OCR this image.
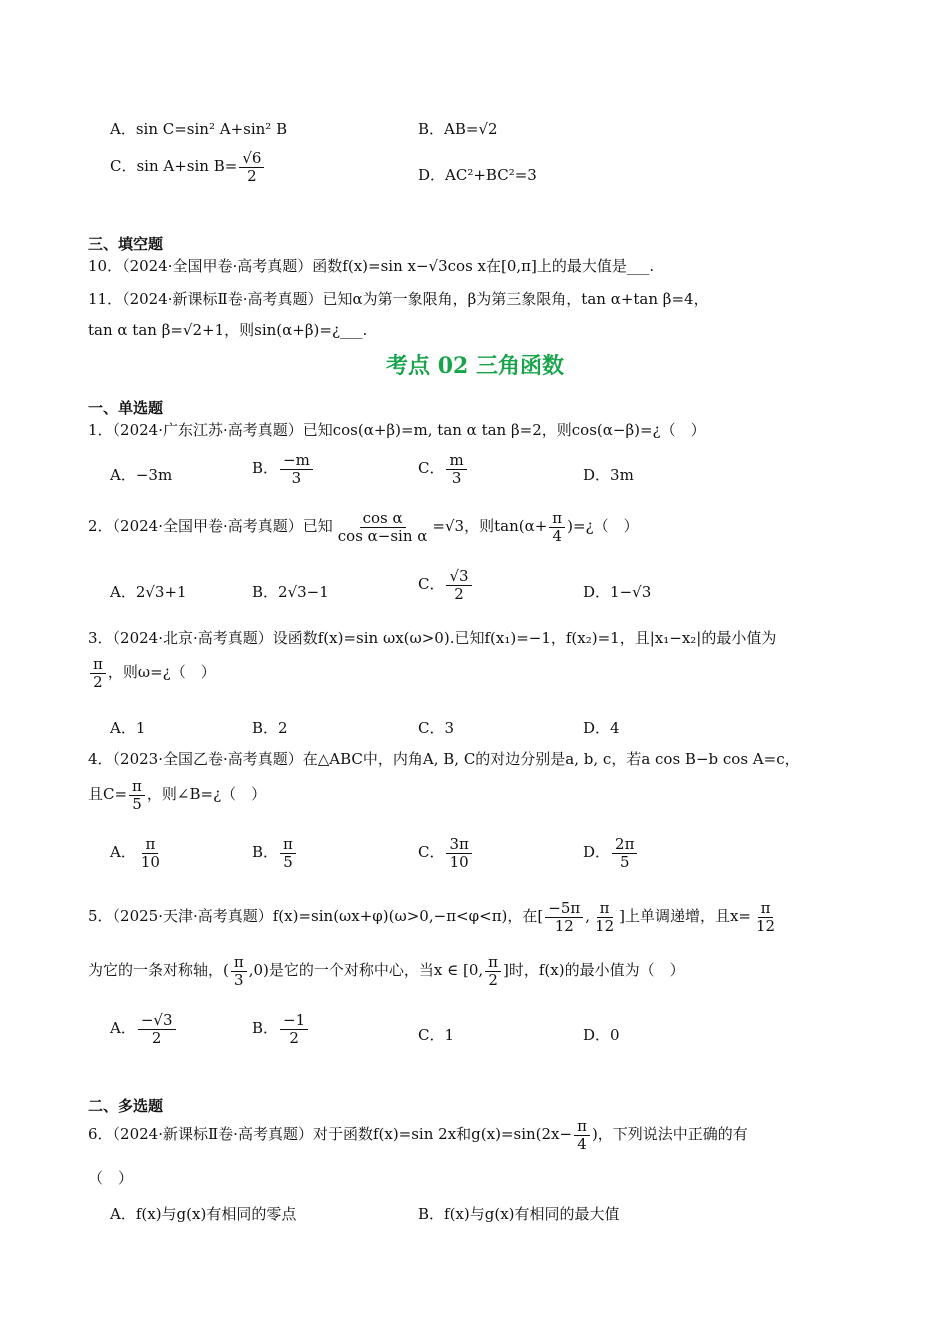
A．sin C=sin² A+sin² B	B．AB=√2
C．sin A+sin $B= \frac{√6}{2}$	D．AC²+BC²=3
三、填空题
10．（2024·全国甲卷·高考真题）函数f(x)=sin x−√3cos x在[0,π]上的最大值是___.
11．（2024·新课标Ⅱ卷·高考真题）已知α为第一象限角，β为第三象限角，tan α+tan β=4，
tan α tan β=√2+1，则sin(α+β)=¿___.
考点 02 三角函数
一、单选题
1．（2024·广东江苏·高考真题）已知cos(α+β)=m, tan α tan β=2，则cos(α−β)=¿（　）
A．−3m	B． $\frac{-m}{3}$	C． $\frac{m}{3}$	D．3m
2．（2024·全国甲卷·高考真题）已知 $\frac{\text{cos α}}{\text{cos α−sin α}} =√3$，则$\tan(\alpha+ \frac{\pi}{4}$ )=¿（　）
A．2√3+1	B．2√3−1	C． $\frac{√3}{2}$	D．1−√3
3．（2024·北京·高考真题）设函数f(x)=sin ωx(ω>0).已知f(x₁)=−1，f(x₂)=1，且|x₁−x₂|的最小值为
$\frac{\pi}{2}$ ，则ω=¿（　）
A．1	B．2	C．3	D．4
4．（2023·全国乙卷·高考真题）在△ABC中，内角A, B, C的对边分别是a, b, c，若a cos B−b cos A=c，
且$C= \frac{\pi}{5}$ ，则∠B=¿（　）
A． $\frac{\pi}{10}$	B． $\frac{\pi}{5}$	C． $\frac{3\pi}{10}$	D． $\frac{2\pi}{5}$
5．（2025·天津·高考真题）f(x)=sin(ωx+φ)(ω>0,−π<φ<π)，在[ $\frac{-5\pi}{12}$ , $\frac{\pi}{12}$ ]上单调递增，且$x= \frac{\pi}{12}$
为它的一条对称轴，( $\frac{\pi}{3} ,0$)是它的一个对称中心，当x ∈ [0, $\frac{\pi}{2}$ ]时，f(x)的最小值为（　）
A． $\frac{-√3}{2}$	B． $\frac{-1}{2}$	C．1	D．0
二、多选题
6．（2024·新课标Ⅱ卷·高考真题）对于函数f(x)=sin 2x和$g(x)=\sin(2x- \frac{\pi}{4}$ )，下列说法中正确的有
（　）
A．f(x)与g(x)有相同的零点	B．f(x)与g(x)有相同的最大值
